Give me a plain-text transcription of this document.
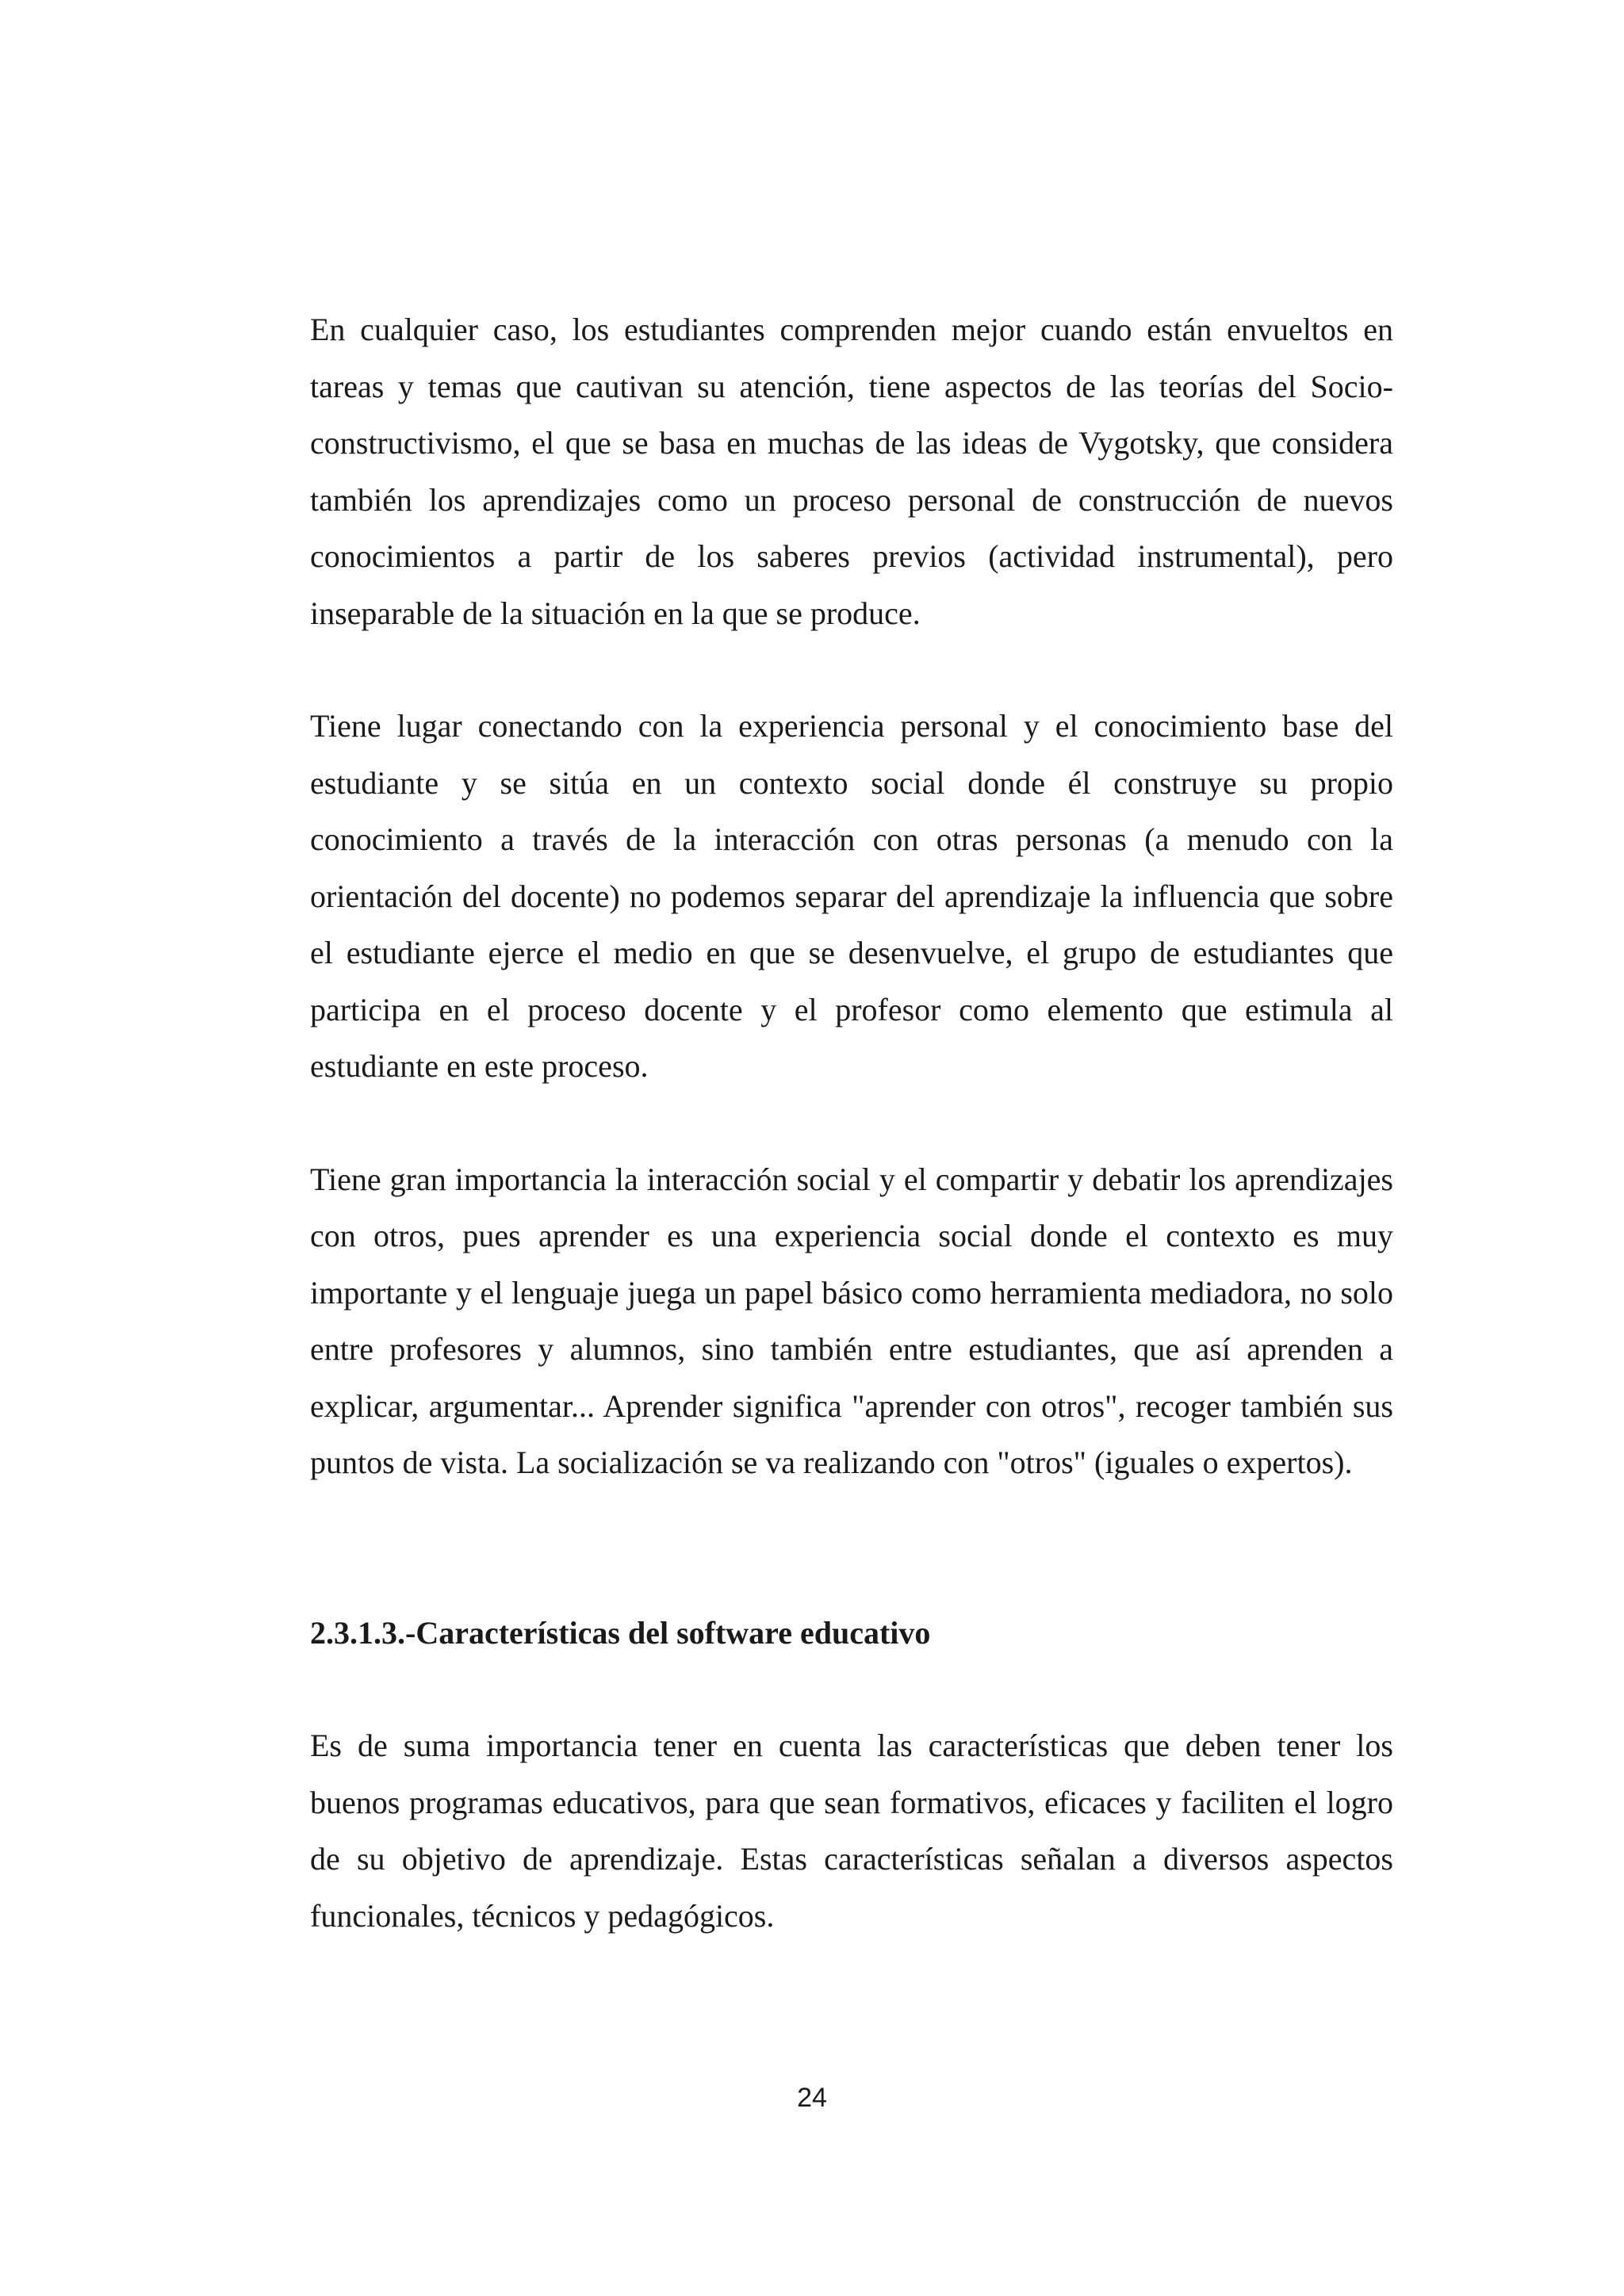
En cualquier caso, los estudiantes comprenden mejor cuando están envueltos en tareas y temas que cautivan su atención, tiene aspectos de las teorías del Socio-constructivismo, el que se basa en muchas de las ideas de Vygotsky, que considera también los aprendizajes como un proceso personal de construcción de nuevos conocimientos a partir de los saberes previos (actividad instrumental), pero inseparable de la situación en la que se produce.

Tiene lugar conectando con la experiencia personal y el conocimiento base del estudiante y se sitúa en un contexto social donde él construye su propio conocimiento a través de la interacción con otras personas (a menudo con la orientación del docente) no podemos separar del aprendizaje la influencia que sobre el estudiante ejerce el medio en que se desenvuelve, el grupo de estudiantes que participa en el proceso docente y el profesor como elemento que estimula al estudiante en este proceso.

Tiene gran importancia la interacción social y el compartir y debatir los aprendizajes con otros, pues aprender es una experiencia social donde el contexto es muy importante y el lenguaje juega un papel básico como herramienta mediadora, no solo entre profesores y alumnos, sino también entre estudiantes, que así aprenden a explicar, argumentar... Aprender significa "aprender con otros", recoger también sus puntos de vista. La socialización se va realizando con "otros" (iguales o expertos).

2.3.1.3.-Características del software educativo

Es de suma importancia tener en cuenta las características que deben tener los buenos programas educativos, para que sean formativos, eficaces y faciliten el logro de su objetivo de aprendizaje. Estas características señalan a diversos aspectos funcionales, técnicos y pedagógicos.

24
